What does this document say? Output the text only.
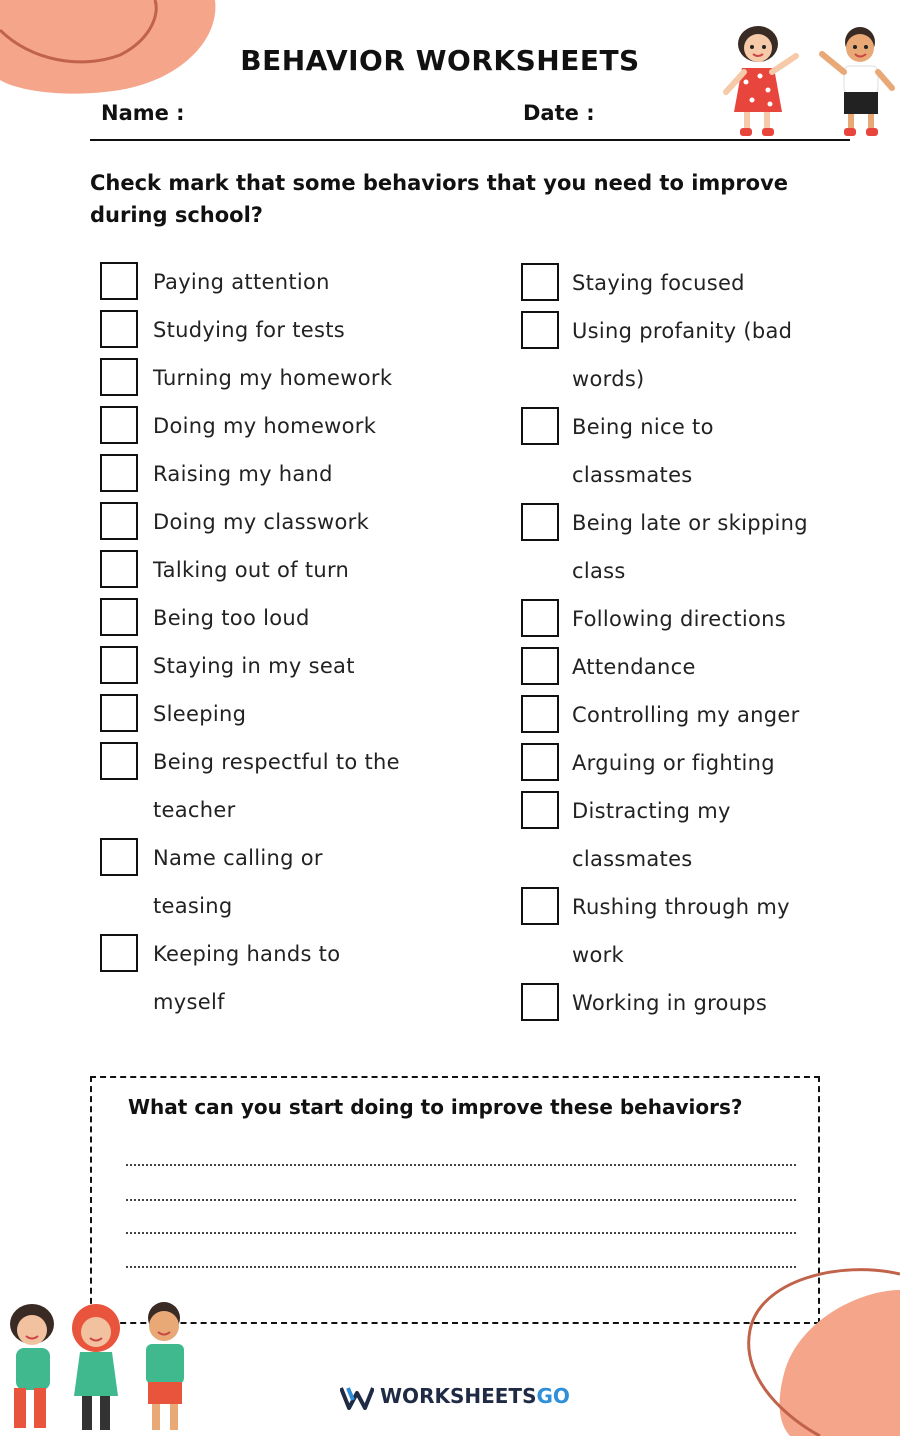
BEHAVIOR WORKSHEETS
Name :	Date :
Check mark that some behaviors that you need to improve during school?
Paying attention
Studying for tests
Turning my homework
Doing my homework
Raising my hand
Doing my classwork
Talking out of turn
Being too loud
Staying in my seat
Sleeping
Being respectful to the teacher
Name calling or teasing
Keeping hands to myself
Staying focused
Using profanity (bad words)
Being nice to classmates
Being late or skipping class
Following directions
Attendance
Controlling my anger
Arguing or fighting
Distracting my classmates
Rushing through my work
Working in groups
What can you start doing to improve these behaviors?
WORKSHEETSGO
